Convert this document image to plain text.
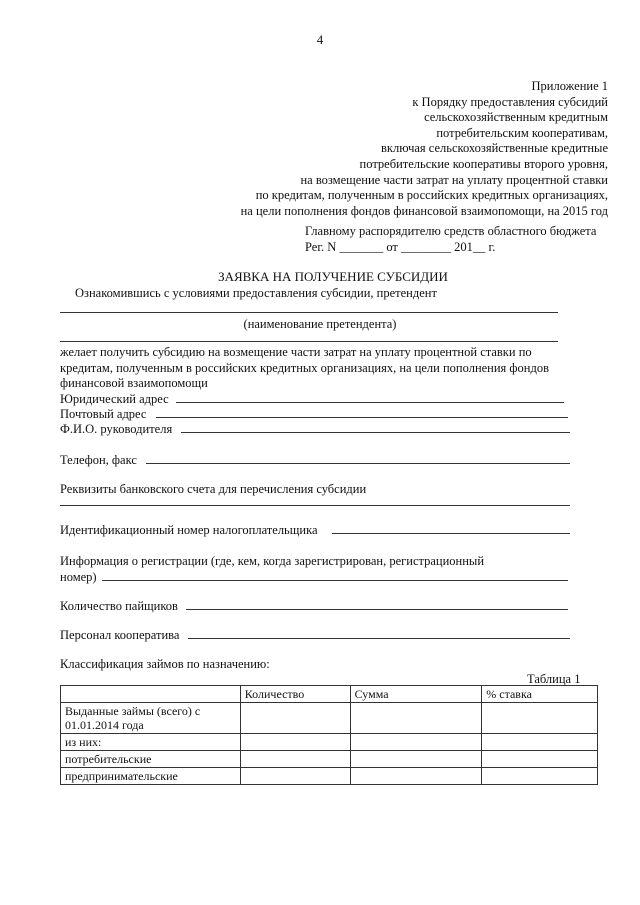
4
Приложение 1
к Порядку предоставления субсидий
сельскохозяйственным кредитным
потребительским кооперативам,
включая сельскохозяйственные кредитные
потребительские кооперативы второго уровня,
на возмещение части затрат на уплату процентной ставки
по кредитам, полученным в российских кредитных организациях,
на цели пополнения фондов финансовой взаимопомощи, на 2015 год
Главному распорядителю средств областного бюджета
Рег. N _______ от ________ 201__ г.
ЗАЯВКА НА ПОЛУЧЕНИЕ СУБСИДИИ
Ознакомившись с условиями предоставления субсидии, претендент
(наименование претендента)
желает получить субсидию на возмещение части затрат на уплату процентной ставки по
кредитам, полученным в российских кредитных организациях, на цели пополнения фондов
финансовой взаимопомощи
Юридический адрес
Почтовый адрес
Ф.И.О. руководителя
Телефон, факс
Реквизиты банковского счета для перечисления субсидии
Идентификационный номер налогоплательщика
Информация о регистрации (где, кем, когда зарегистрирован, регистрационный
номер)
Количество пайщиков
Персонал кооператива
Классификация займов по назначению:
Таблица 1
	Количество	Сумма	% ставка
Выданные займы (всего) с 01.01.2014 года			
из них:			
потребительские			
предпринимательские			
